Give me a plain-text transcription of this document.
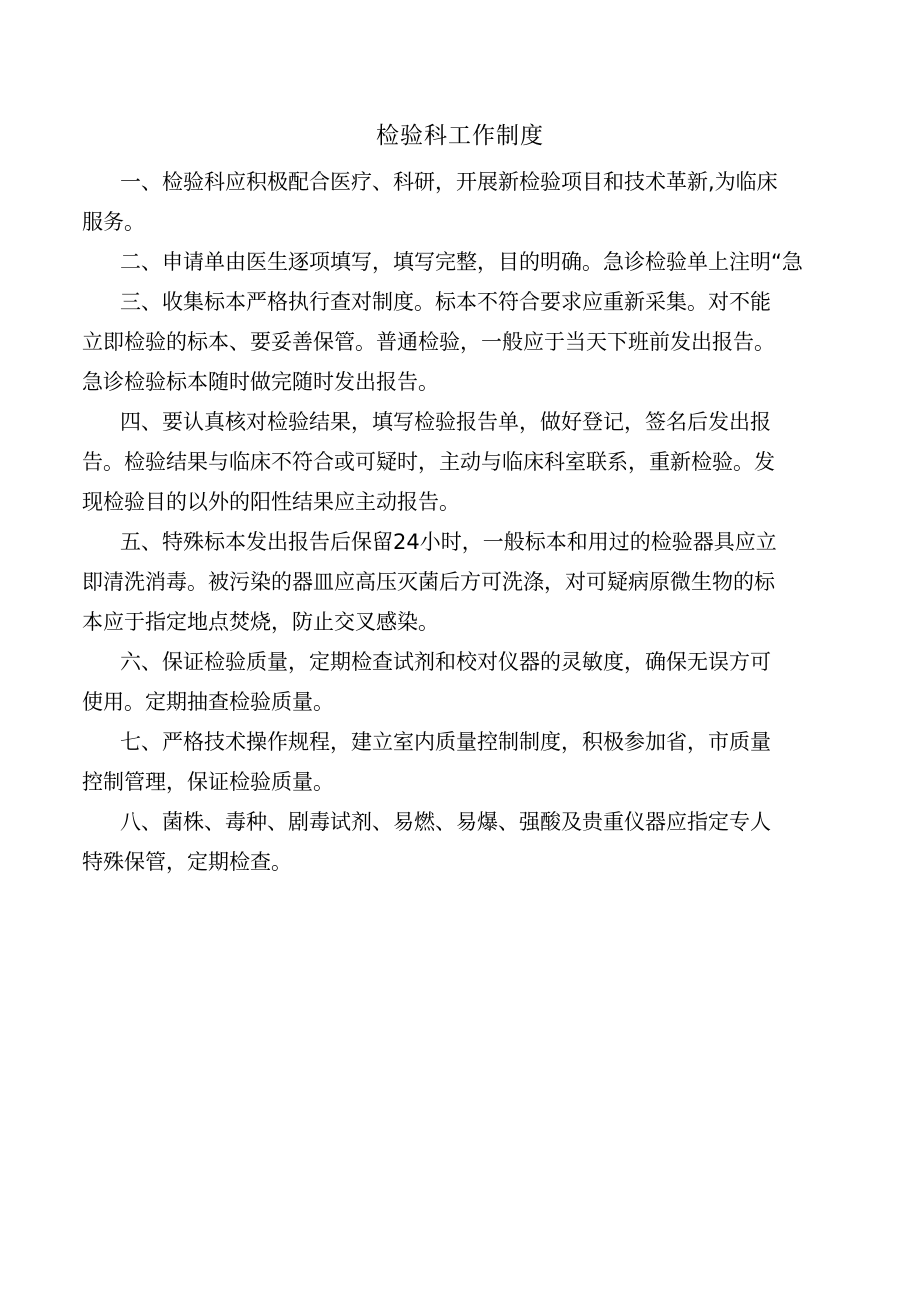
检验科工作制度
一、检验科应积极配合医疗、科研，开展新检验项目和技术革新,为临床
服务。
二、申请单由医生逐项填写，填写完整，目的明确。急诊检验单上注明“急
三、收集标本严格执行查对制度。标本不符合要求应重新采集。对不能
立即检验的标本、要妥善保管。普通检验，一般应于当天下班前发出报告。
急诊检验标本随时做完随时发出报告。
四、要认真核对检验结果，填写检验报告单，做好登记，签名后发出报
告。检验结果与临床不符合或可疑时，主动与临床科室联系，重新检验。发
现检验目的以外的阳性结果应主动报告。
五、特殊标本发出报告后保留24小时，一般标本和用过的检验器具应立
即清洗消毒。被污染的器皿应高压灭菌后方可洗涤，对可疑病原微生物的标
本应于指定地点焚烧，防止交叉感染。
六、保证检验质量，定期检查试剂和校对仪器的灵敏度，确保无误方可
使用。定期抽查检验质量。
七、严格技术操作规程，建立室内质量控制制度，积极参加省，市质量
控制管理，保证检验质量。
八、菌株、毒种、剧毒试剂、易燃、易爆、强酸及贵重仪器应指定专人
特殊保管，定期检查。
